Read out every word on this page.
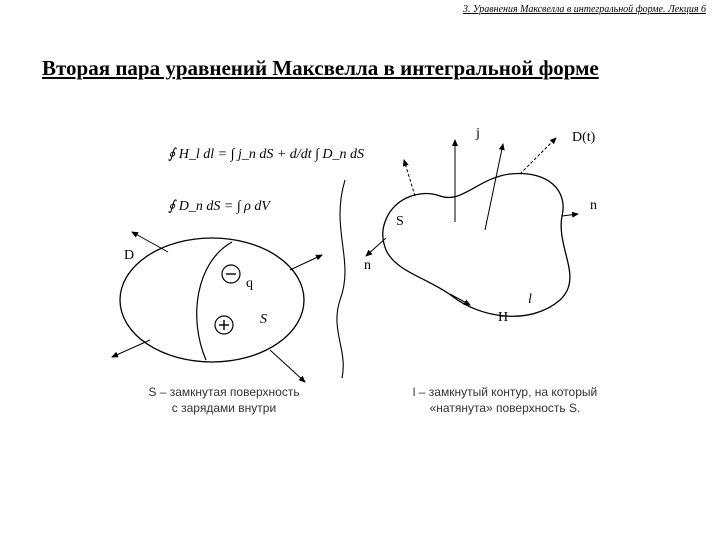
3. Уравнения Максвелла в интегральной форме. Лекция 6
Вторая пара уравнений Максвелла в интегральной форме
∮ H_l dl = ∫ j_n dS + d/dt ∫ D_n dS
∮ D_n dS = ∫ ρ dV
D
q
S
j	D(t)
n
S
n
l
H
S – замкнутая поверхность
с зарядами внутри
l – замкнутый контур, на который
«натянута» поверхность S.
